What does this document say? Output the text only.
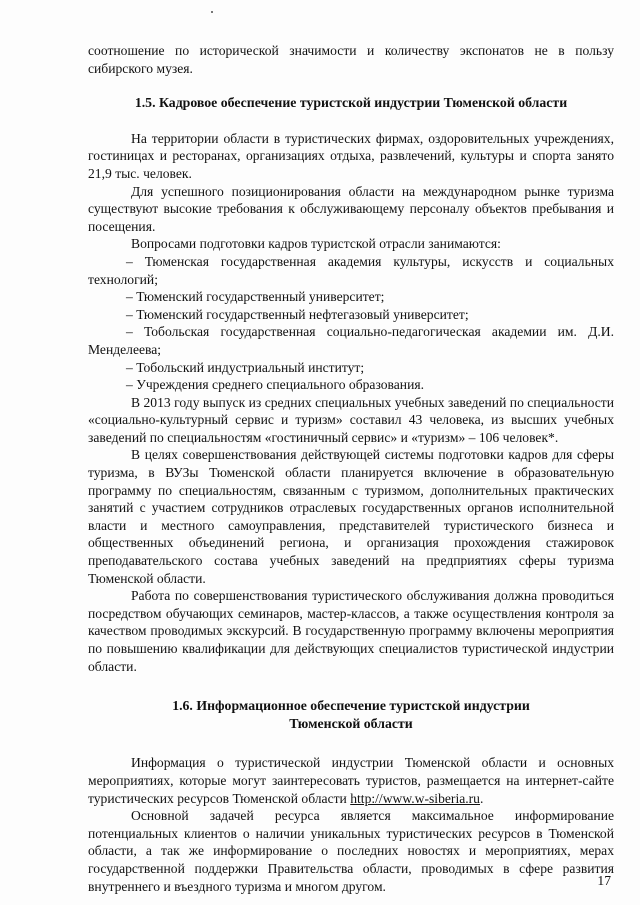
соотношение по исторической значимости и количеству экспонатов не в пользу сибирского музея.

1.5. Кадровое обеспечение туристской индустрии Тюменской области

На территории области в туристических фирмах, оздоровительных учреждениях, гостиницах и ресторанах, организациях отдыха, развлечений, культуры и спорта занято 21,9 тыс. человек.

Для успешного позиционирования области на международном рынке туризма существуют высокие требования к обслуживающему персоналу объектов пребывания и посещения.

Вопросами подготовки кадров туристской отрасли занимаются:

– Тюменская государственная академия культуры, искусств и социальных технологий;

– Тюменский государственный университет;

– Тюменский государственный нефтегазовый университет;

– Тобольская государственная социально-педагогическая академии им. Д.И. Менделеева;

– Тобольский индустриальный институт;

– Учреждения среднего специального образования.

В 2013 году выпуск из средних специальных учебных заведений по специальности «социально-культурный сервис и туризм» составил 43 человека, из высших учебных заведений по специальностям «гостиничный сервис» и «туризм» – 106 человек*.

В целях совершенствования действующей системы подготовки кадров для сферы туризма, в ВУЗы Тюменской области планируется включение в образовательную программу по специальностям, связанным с туризмом, дополнительных практических занятий с участием сотрудников отраслевых государственных органов исполнительной власти и местного самоуправления, представителей туристического бизнеса и общественных объединений региона, и организация прохождения стажировок преподавательского состава учебных заведений на предприятиях сферы туризма Тюменской области.

Работа по совершенствования туристического обслуживания должна проводиться посредством обучающих семинаров, мастер-классов, а также осуществления контроля за качеством проводимых экскурсий. В государственную программу включены мероприятия по повышению квалификации для действующих специалистов туристической индустрии области.

1.6. Информационное обеспечение туристской индустрии
Тюменской области

Информация о туристической индустрии Тюменской области и основных мероприятиях, которые могут заинтересовать туристов, размещается на интернет-сайте туристических ресурсов Тюменской области http://www.w-siberia.ru.

Основной задачей ресурса является максимальное информирование потенциальных клиентов о наличии уникальных туристических ресурсов в Тюменской области, а так же информирование о последних новостях и мероприятиях, мерах государственной поддержки Правительства области, проводимых в сфере развития внутреннего и въездного туризма и многом другом.	17
